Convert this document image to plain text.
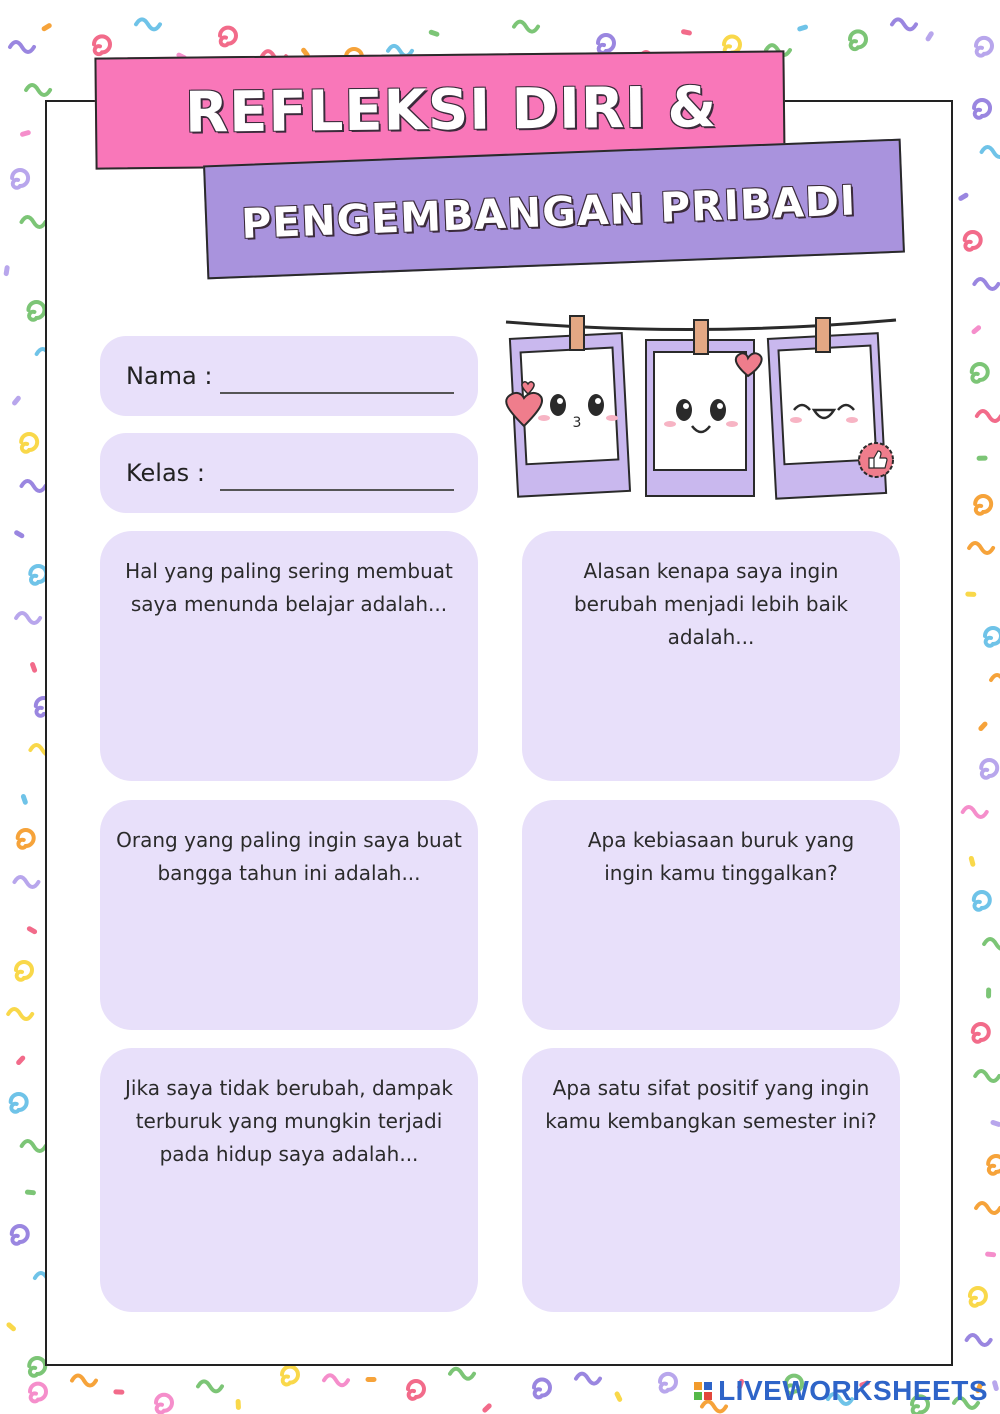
REFLEKSI DIRI &
PENGEMBANGAN PRIBADI
Nama :
Kelas :
3
Hal yang paling sering membuat saya menunda belajar adalah...
Alasan kenapa saya ingin berubah menjadi lebih baik adalah...
Orang yang paling ingin saya buat bangga tahun ini adalah...
Apa kebiasaan buruk yang ingin kamu tinggalkan?
Jika saya tidak berubah, dampak terburuk yang mungkin terjadi pada hidup saya adalah...
Apa satu sifat positif yang ingin kamu kembangkan semester ini?
LIVEWORKSHEETS
